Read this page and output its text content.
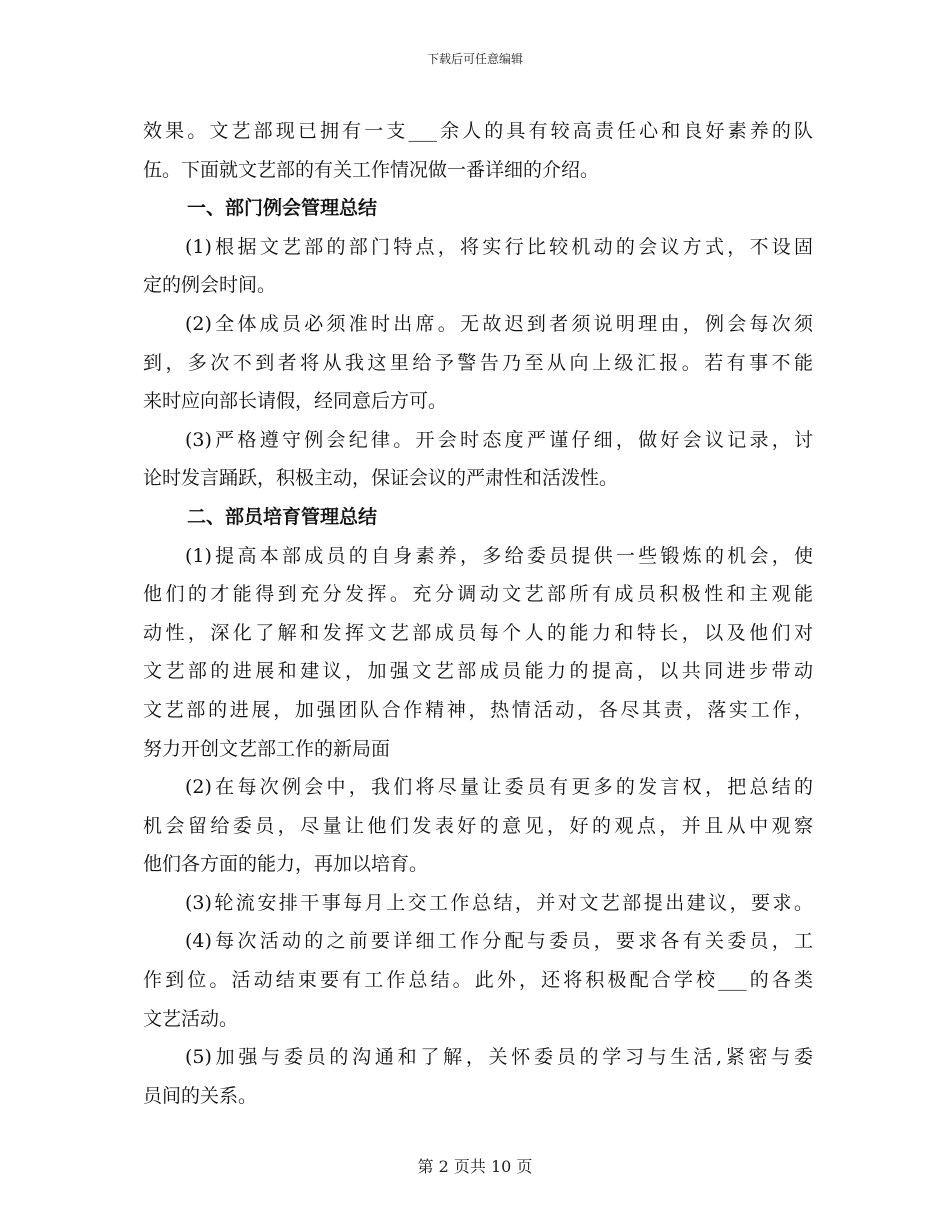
下载后可任意编辑
效果。文艺部现已拥有一支___余人的具有较高责任心和良好素养的队
伍。下面就文艺部的有关工作情况做一番详细的介绍。
一、部门例会管理总结
(1)根据文艺部的部门特点，将实行比较机动的会议方式，不设固
定的例会时间。
(2)全体成员必须准时出席。无故迟到者须说明理由，例会每次须
到，多次不到者将从我这里给予警告乃至从向上级汇报。若有事不能
来时应向部长请假，经同意后方可。
(3)严格遵守例会纪律。开会时态度严谨仔细，做好会议记录，讨
论时发言踊跃，积极主动，保证会议的严肃性和活泼性。
二、部员培育管理总结
(1)提高本部成员的自身素养，多给委员提供一些锻炼的机会，使
他们的才能得到充分发挥。充分调动文艺部所有成员积极性和主观能
动性，深化了解和发挥文艺部成员每个人的能力和特长，以及他们对
文艺部的进展和建议，加强文艺部成员能力的提高，以共同进步带动
文艺部的进展，加强团队合作精神，热情活动，各尽其责，落实工作，
努力开创文艺部工作的新局面
(2)在每次例会中，我们将尽量让委员有更多的发言权，把总结的
机会留给委员，尽量让他们发表好的意见，好的观点，并且从中观察
他们各方面的能力，再加以培育。
(3)轮流安排干事每月上交工作总结，并对文艺部提出建议，要求。
(4)每次活动的之前要详细工作分配与委员，要求各有关委员，工
作到位。活动结束要有工作总结。此外，还将积极配合学校___的各类
文艺活动。
(5)加强与委员的沟通和了解，关怀委员的学习与生活,紧密与委
员间的关系。
第 2 页共 10 页
